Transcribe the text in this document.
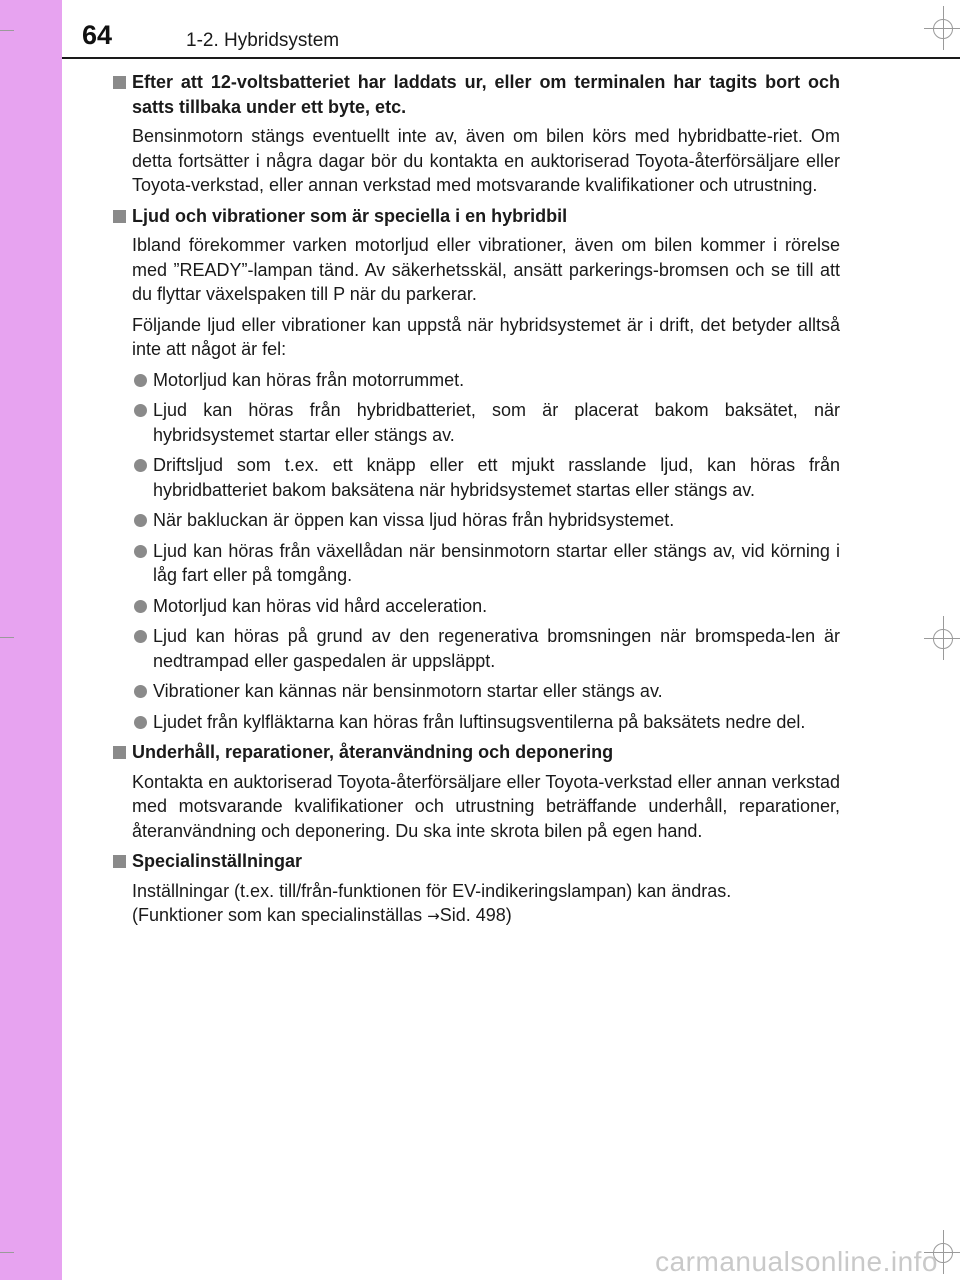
64	1-2. Hybridsystem
Efter att 12-voltsbatteriet har laddats ur, eller om terminalen har tagits bort och satts tillbaka under ett byte, etc.
Bensinmotorn stängs eventuellt inte av, även om bilen körs med hybridbatte-riet. Om detta fortsätter i några dagar bör du kontakta en auktoriserad Toyota-återförsäljare eller Toyota-verkstad, eller annan verkstad med motsvarande kvalifikationer och utrustning.
Ljud och vibrationer som är speciella i en hybridbil
Ibland förekommer varken motorljud eller vibrationer, även om bilen kommer i rörelse med ”READY”-lampan tänd. Av säkerhetsskäl, ansätt parkerings-bromsen och se till att du flyttar växelspaken till P när du parkerar.
Följande ljud eller vibrationer kan uppstå när hybridsystemet är i drift, det betyder alltså inte att något är fel:
Motorljud kan höras från motorrummet.
Ljud kan höras från hybridbatteriet, som är placerat bakom baksätet, när hybridsystemet startar eller stängs av.
Driftsljud som t.ex. ett knäpp eller ett mjukt rasslande ljud, kan höras från hybridbatteriet bakom baksätena när hybridsystemet startas eller stängs av.
När bakluckan är öppen kan vissa ljud höras från hybridsystemet.
Ljud kan höras från växellådan när bensinmotorn startar eller stängs av, vid körning i låg fart eller på tomgång.
Motorljud kan höras vid hård acceleration.
Ljud kan höras på grund av den regenerativa bromsningen när bromspeda-len är nedtrampad eller gaspedalen är uppsläppt.
Vibrationer kan kännas när bensinmotorn startar eller stängs av.
Ljudet från kylfläktarna kan höras från luftinsugsventilerna på baksätets nedre del.
Underhåll, reparationer, återanvändning och deponering
Kontakta en auktoriserad Toyota-återförsäljare eller Toyota-verkstad eller annan verkstad med motsvarande kvalifikationer och utrustning beträffande underhåll, reparationer, återanvändning och deponering. Du ska inte skrota bilen på egen hand.
Specialinställningar
Inställningar (t.ex. till/från-funktionen för EV-indikeringslampan) kan ändras.
(Funktioner som kan specialinställas →Sid. 498)
carmanualsonline.info
